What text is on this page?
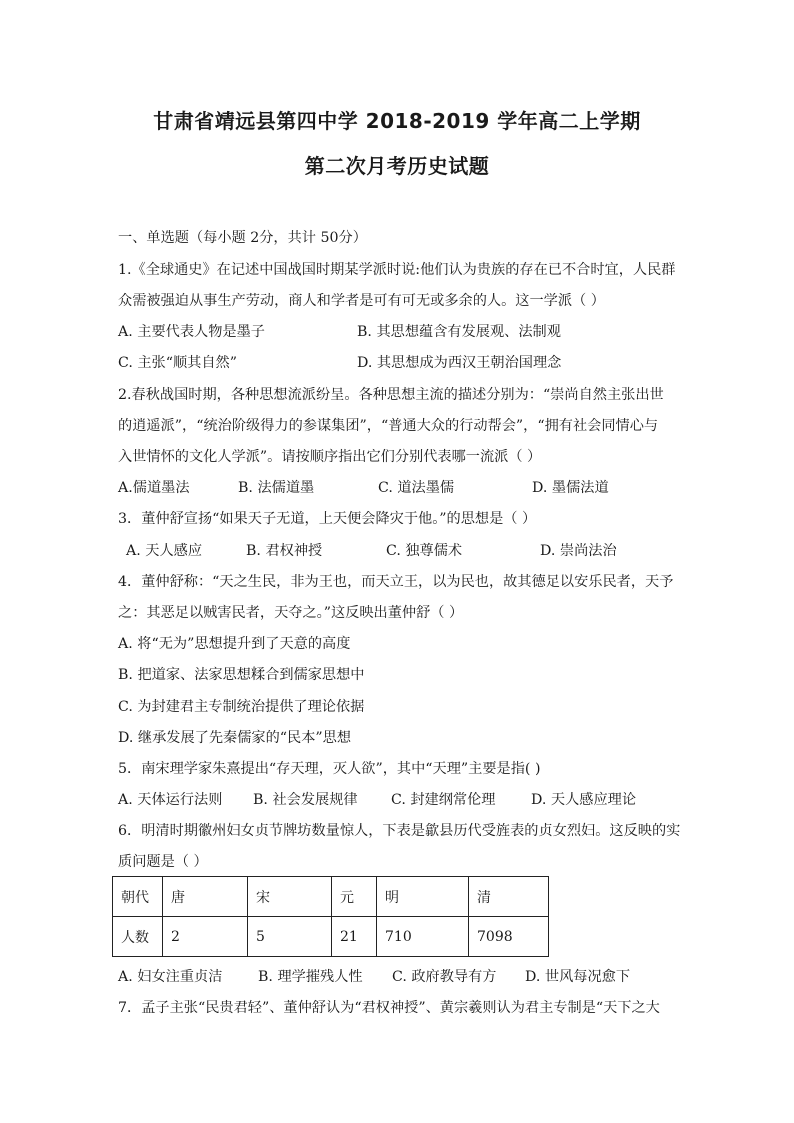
甘肃省靖远县第四中学 2018-2019 学年高二上学期
第二次月考历史试题
一、单选题（每小题 2分，共计 50分）
1.《全球通史》在记述中国战国时期某学派时说:他们认为贵族的存在已不合时宜，人民群
众需被强迫从事生产劳动，商人和学者是可有可无或多余的人。这一学派（ ）
A. 主要代表人物是墨子	B. 其思想蕴含有发展观、法制观
C. 主张“顺其自然”	D. 其思想成为西汉王朝治国理念
2.春秋战国时期，各种思想流派纷呈。各种思想主流的描述分别为：“崇尚自然主张出世
的逍遥派”，“统治阶级得力的参谋集团”，“普通大众的行动帮会”，“拥有社会同情心与
入世情怀的文化人学派”。请按顺序指出它们分别代表哪一流派（ ）
A.儒道墨法	B. 法儒道墨	C. 道法墨儒	D. 墨儒法道
3．董仲舒宣扬“如果天子无道，上天便会降灾于他。”的思想是（ ）
A. 天人感应	B. 君权神授	C. 独尊儒术	D. 崇尚法治
4．董仲舒称：“天之生民，非为王也，而天立王，以为民也，故其德足以安乐民者，天予
之：其恶足以贼害民者，天夺之。”这反映出董仲舒（ ）
A. 将“无为”思想提升到了天意的高度
B. 把道家、法家思想糅合到儒家思想中
C. 为封建君主专制统治提供了理论依据
D. 继承发展了先秦儒家的“民本”思想
5．南宋理学家朱熹提出“存天理，灭人欲”，其中“天理”主要是指( )
A. 天体运行法则 B. 社会发展规律 C. 封建纲常伦理	D. 天人感应理论
6．明清时期徽州妇女贞节牌坊数量惊人，下表是歙县历代受旌表的贞女烈妇。这反映的实
质问题是（ ）
朝代	唐	宋	元	明	清
人数	2	5	21	710	7098
A. 妇女注重贞洁	B. 理学摧残人性 C. 政府教导有方 D. 世风每况愈下
7．孟子主张“民贵君轻”、董仲舒认为“君权神授”、黄宗羲则认为君主专制是“天下之大
